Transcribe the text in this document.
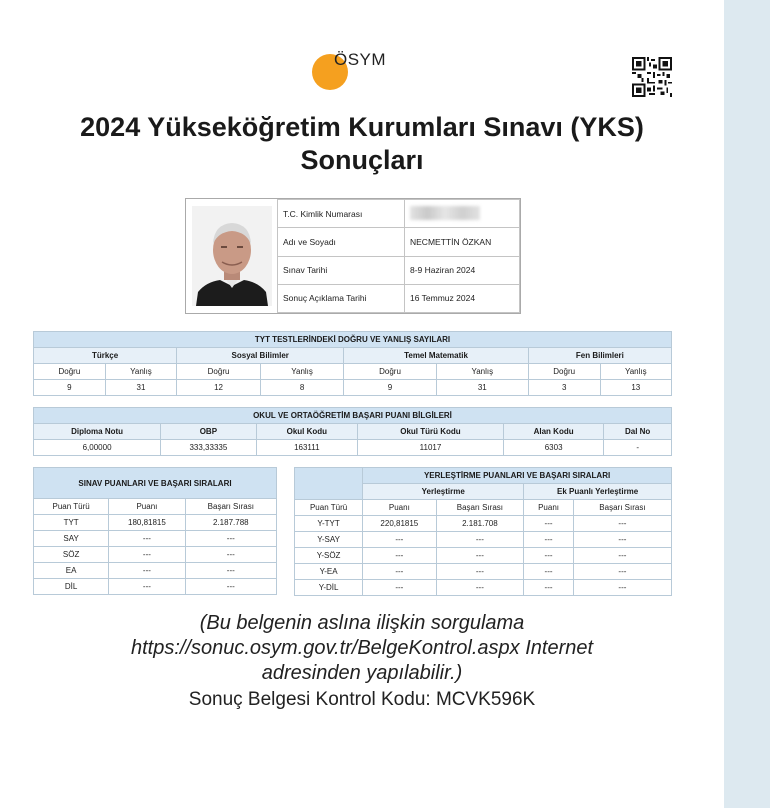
ÖSYM
2024 Yükseköğretim Kurumları Sınavı (YKS)
Sonuçları
T.C. Kimlik Numarası	
Adı ve Soyadı	NECMETTİN ÖZKAN
Sınav Tarihi	8-9 Haziran 2024
Sonuç Açıklama Tarihi	16 Temmuz 2024
TYT TESTLERİNDEKİ DOĞRU VE YANLIŞ SAYILARI							
Türkçe		Sosyal Bilimler		Temel Matematik		Fen Bilimleri	
Doğru	Yanlış	Doğru	Yanlış	Doğru	Yanlış	Doğru	Yanlış
9	31	12	8	9	31	3	13
OKUL VE ORTAÖĞRETİM BAŞARI PUANI BİLGİLERİ					
Diploma Notu	OBP	Okul Kodu	Okul Türü Kodu	Alan Kodu	Dal No
6,00000	333,33335	163111	11017	6303	-
SINAV PUANLARI VE BAŞARI SIRALARI		
Puan Türü	Puanı	Başarı Sırası
TYT	180,81815	2.187.788
SAY	---	---
SÖZ	---	---
EA	---	---
DİL	---	---
	YERLEŞTİRME PUANLARI VE BAŞARI SIRALARI			
	Yerleştirme		Ek Puanlı Yerleştirme	
Puan Türü	Puanı	Başarı Sırası	Puanı	Başarı Sırası
Y-TYT	220,81815	2.181.708	---	---
Y-SAY	---	---	---	---
Y-SÖZ	---	---	---	---
Y-EA	---	---	---	---
Y-DİL	---	---	---	---
(Bu belgenin aslına ilişkin sorgulama
https://sonuc.osym.gov.tr/BelgeKontrol.aspx Internet
adresinden yapılabilir.)
Sonuç Belgesi Kontrol Kodu: MCVK596K
